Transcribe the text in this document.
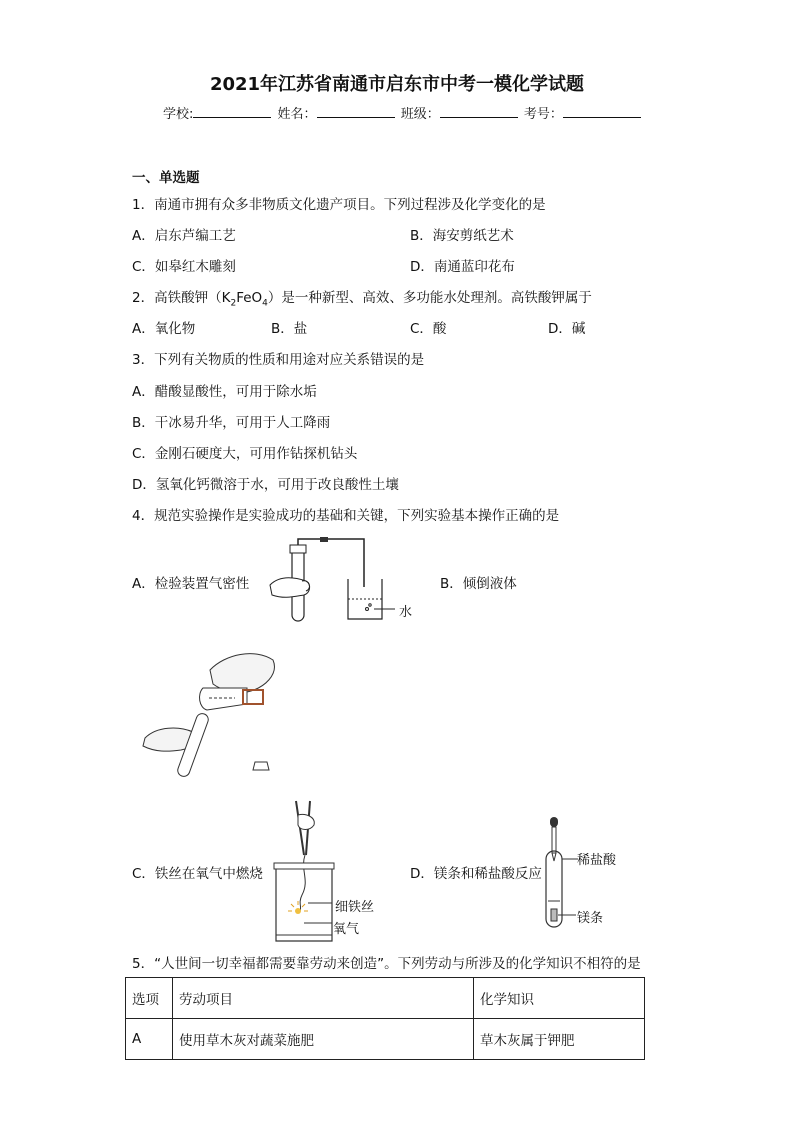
2021年江苏省南通市启东市中考一模化学试题
学校:	姓名：	班级：	考号：
一、单选题
1．南通市拥有众多非物质文化遗产项目。下列过程涉及化学变化的是
A．启东芦编工艺	B．海安剪纸艺术
C．如皋红木雕刻	D．南通蓝印花布
2．高铁酸钾$(K_2FeO_4)$是一种新型、高效、多功能水处理剂。高铁酸钾属于
A．氧化物	B．盐	C．酸	D．碱
3．下列有关物质的性质和用途对应关系错误的是
A．醋酸显酸性，可用于除水垢
B．干冰易升华，可用于人工降雨
C．金刚石硬度大，可用作钻探机钻头
D．氢氧化钙微溶于水，可用于改良酸性土壤
4．规范实验操作是实验成功的基础和关键，下列实验基本操作正确的是
A．检验装置气密性	B．倾倒液体
水
C．铁丝在氧气中燃烧
细铁丝
氧气
D．镁条和稀盐酸反应
稀盐酸
镁条
5．“人世间一切幸福都需要靠劳动来创造”。下列劳动与所涉及的化学知识不相符的是
选项	劳动项目	化学知识
A	使用草木灰对蔬菜施肥	草木灰属于钾肥
